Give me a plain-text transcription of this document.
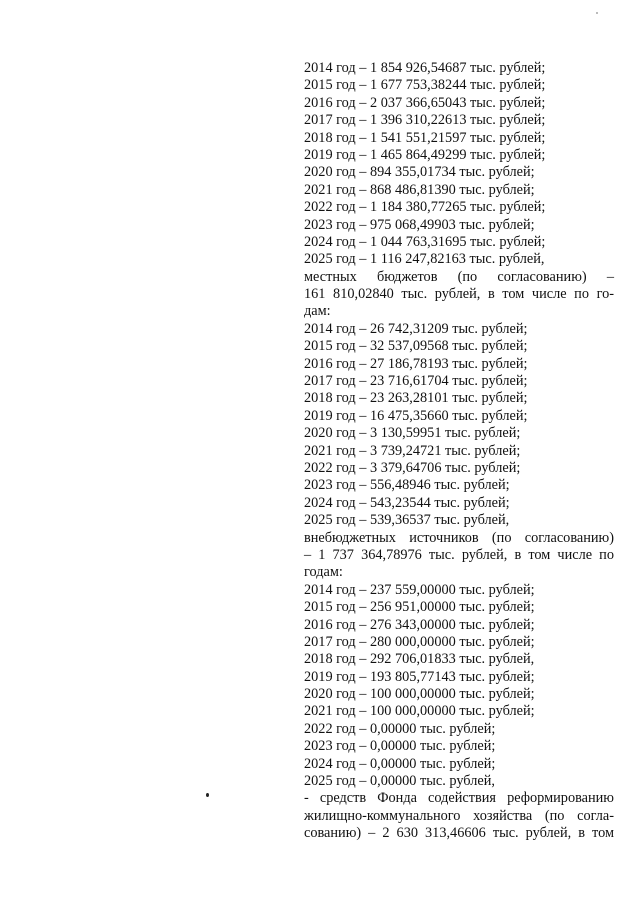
2014 год – 1 854 926,54687 тыс. рублей;
2015 год – 1 677 753,38244 тыс. рублей;
2016 год – 2 037 366,65043 тыс. рублей;
2017 год – 1 396 310,22613 тыс. рублей;
2018 год – 1 541 551,21597 тыс. рублей;
2019 год – 1 465 864,49299 тыс. рублей;
2020 год – 894 355,01734 тыс. рублей;
2021 год – 868 486,81390 тыс. рублей;
2022 год – 1 184 380,77265 тыс. рублей;
2023 год – 975 068,49903 тыс. рублей;
2024 год – 1 044 763,31695 тыс. рублей;
2025 год – 1 116 247,82163 тыс. рублей,
местных бюджетов (по согласованию) –
161 810,02840 тыс. рублей, в том числе по го-
дам:
2014 год – 26 742,31209 тыс. рублей;
2015 год – 32 537,09568 тыс. рублей;
2016 год – 27 186,78193 тыс. рублей;
2017 год – 23 716,61704 тыс. рублей;
2018 год – 23 263,28101 тыс. рублей;
2019 год – 16 475,35660 тыс. рублей;
2020 год – 3 130,59951 тыс. рублей;
2021 год – 3 739,24721 тыс. рублей;
2022 год – 3 379,64706 тыс. рублей;
2023 год – 556,48946 тыс. рублей;
2024 год – 543,23544 тыс. рублей;
2025 год – 539,36537 тыс. рублей,
внебюджетных источников (по согласованию)
– 1 737 364,78976 тыс. рублей, в том числе по
годам:
2014 год – 237 559,00000 тыс. рублей;
2015 год – 256 951,00000 тыс. рублей;
2016 год – 276 343,00000 тыс. рублей;
2017 год – 280 000,00000 тыс. рублей;
2018 год – 292 706,01833 тыс. рублей,
2019 год – 193 805,77143 тыс. рублей;
2020 год – 100 000,00000 тыс. рублей;
2021 год – 100 000,00000 тыс. рублей;
2022 год – 0,00000 тыс. рублей;
2023 год – 0,00000 тыс. рублей;
2024 год – 0,00000 тыс. рублей;
2025 год – 0,00000 тыс. рублей,
- средств Фонда содействия реформированию
жилищно-коммунального хозяйства (по согла-
сованию) – 2 630 313,46606 тыс. рублей, в том
